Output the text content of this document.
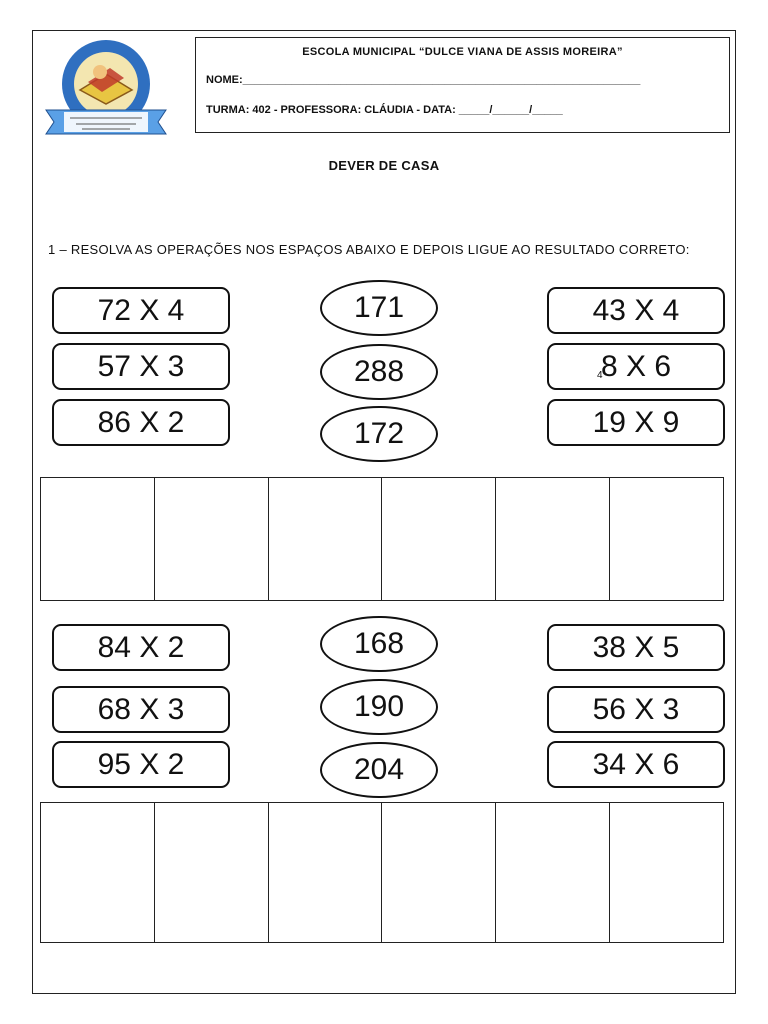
ESCOLA MUNICIPAL “DULCE VIANA DE ASSIS MOREIRA”
NOME:_________________________________________________________________
TURMA: 402 - PROFESSORA: CLÁUDIA - DATA: _____/______/_____
DEVER DE CASA
1 – RESOLVA AS OPERAÇÕES NOS ESPAÇOS ABAIXO E DEPOIS LIGUE AO RESULTADO CORRETO:
72 X 4
57 X 3
86 X 2
171
288
172
43 X 4
8 X 6
19 X 9
4
84 X 2
68 X 3
95 X 2
168
190
204
38 X 5
56 X 3
34 X 6
